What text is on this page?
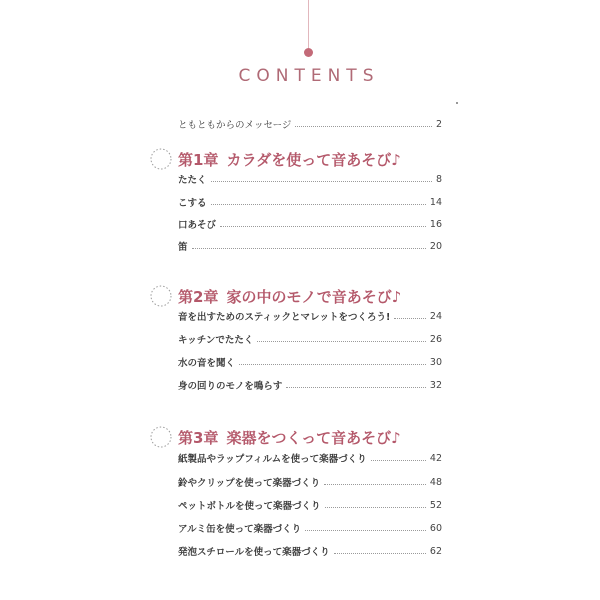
CONTENTS
ともともからのメッセージ	2
第1章 カラダを使って音あそび♪
たたく	8
こする	14
口あそび	16
笛	20
第2章 家の中のモノで音あそび♪
音を出すためのスティックとマレットをつくろう!	24
キッチンでたたく	26
水の音を聞く	30
身の回りのモノを鳴らす	32
第3章 楽器をつくって音あそび♪
紙製品やラップフィルムを使って楽器づくり	42
鈴やクリップを使って楽器づくり	48
ペットボトルを使って楽器づくり	52
アルミ缶を使って楽器づくり	60
発泡スチロールを使って楽器づくり	62
